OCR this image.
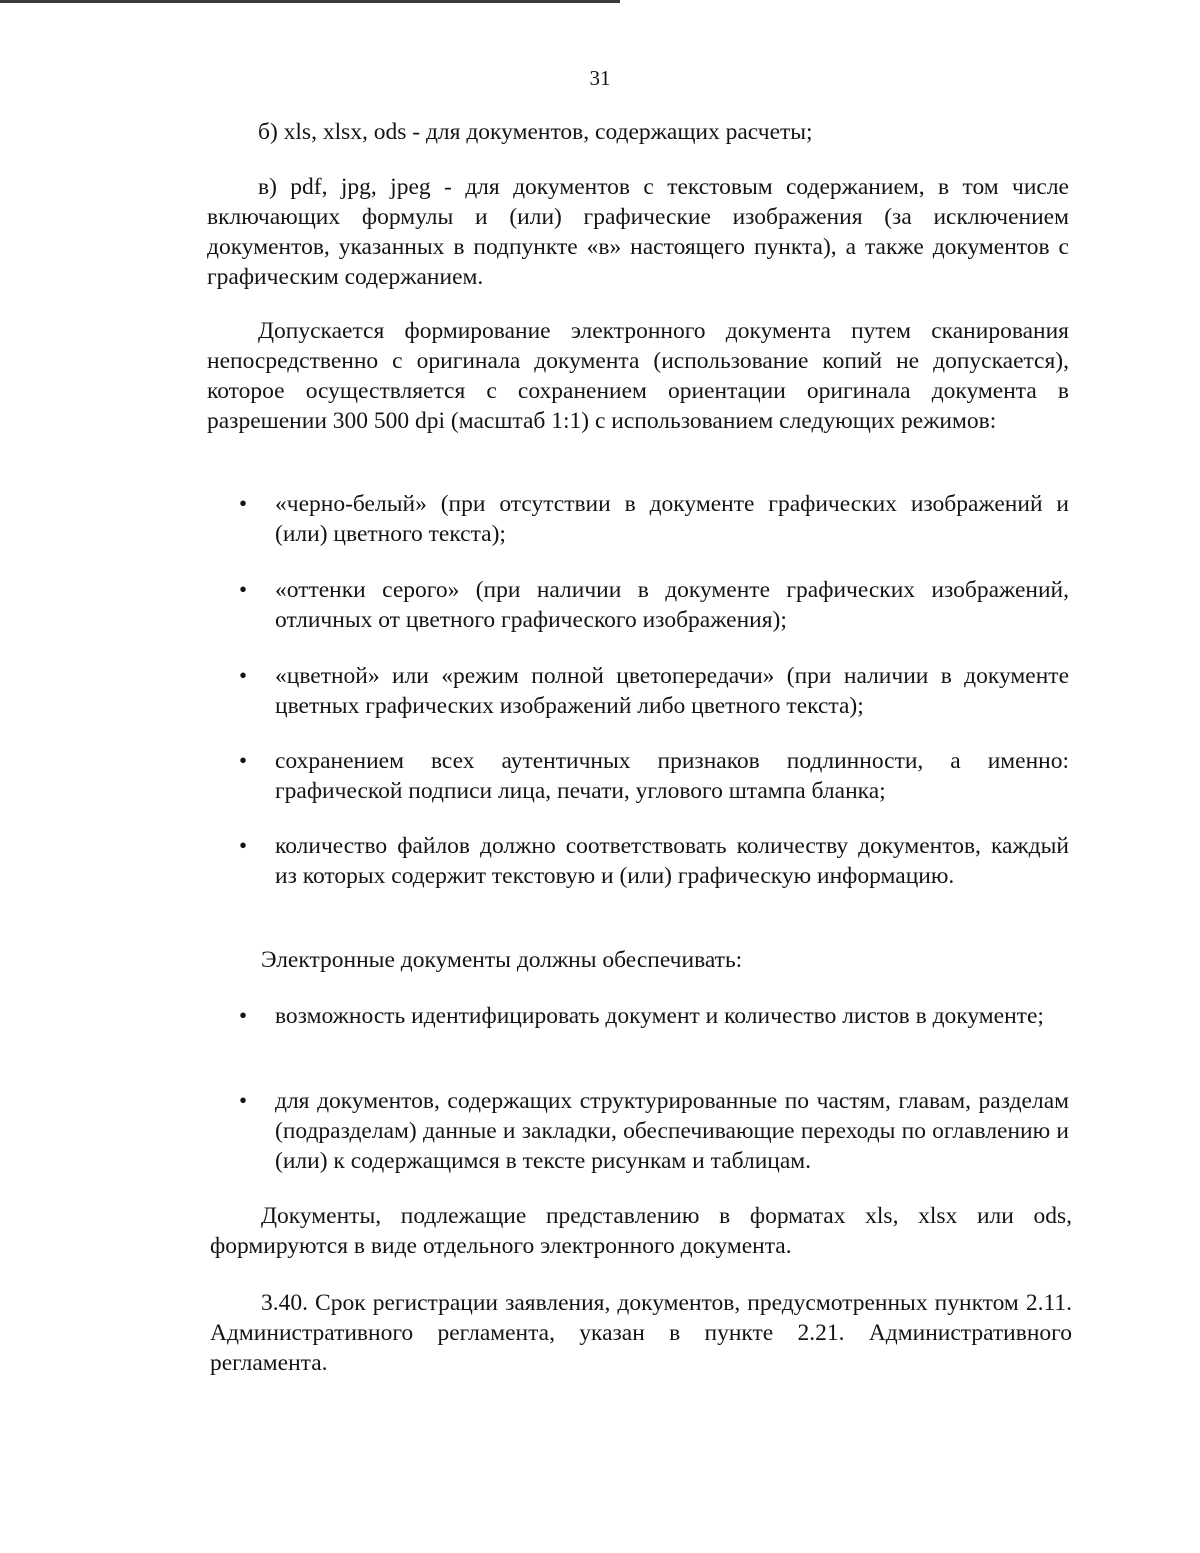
31

б) xls, xlsx, ods - для документов, содержащих расчеты;

в) pdf, jpg, jpeg - для документов с текстовым содержанием, в том числе включающих формулы и (или) графические изображения (за исключением документов, указанных в подпункте «в» настоящего пункта), а также документов с графическим содержанием.

Допускается формирование электронного документа путем сканирования непосредственно с оригинала документа (использование копий не допускается), которое осуществляется с сохранением ориентации оригинала документа в разрешении 300 500 dpi (масштаб 1:1) с использованием следующих режимов:

• «черно-белый» (при отсутствии в документе графических изображений и (или) цветного текста);
• «оттенки серого» (при наличии в документе графических изображений, отличных от цветного графического изображения);
• «цветной» или «режим полной цветопередачи» (при наличии в документе цветных графических изображений либо цветного текста);
• сохранением всех аутентичных признаков подлинности, а именно: графической подписи лица, печати, углового штампа бланка;
• количество файлов должно соответствовать количеству документов, каждый из которых содержит текстовую и (или) графическую информацию.

Электронные документы должны обеспечивать:

• возможность идентифицировать документ и количество листов в документе;
• для документов, содержащих структурированные по частям, главам, разделам (подразделам) данные и закладки, обеспечивающие переходы по оглавлению и (или) к содержащимся в тексте рисункам и таблицам.

Документы, подлежащие представлению в форматах xls, xlsx или ods, формируются в виде отдельного электронного документа.

3.40. Срок регистрации заявления, документов, предусмотренных пунктом 2.11. Административного регламента, указан в пункте 2.21. Административного регламента.
